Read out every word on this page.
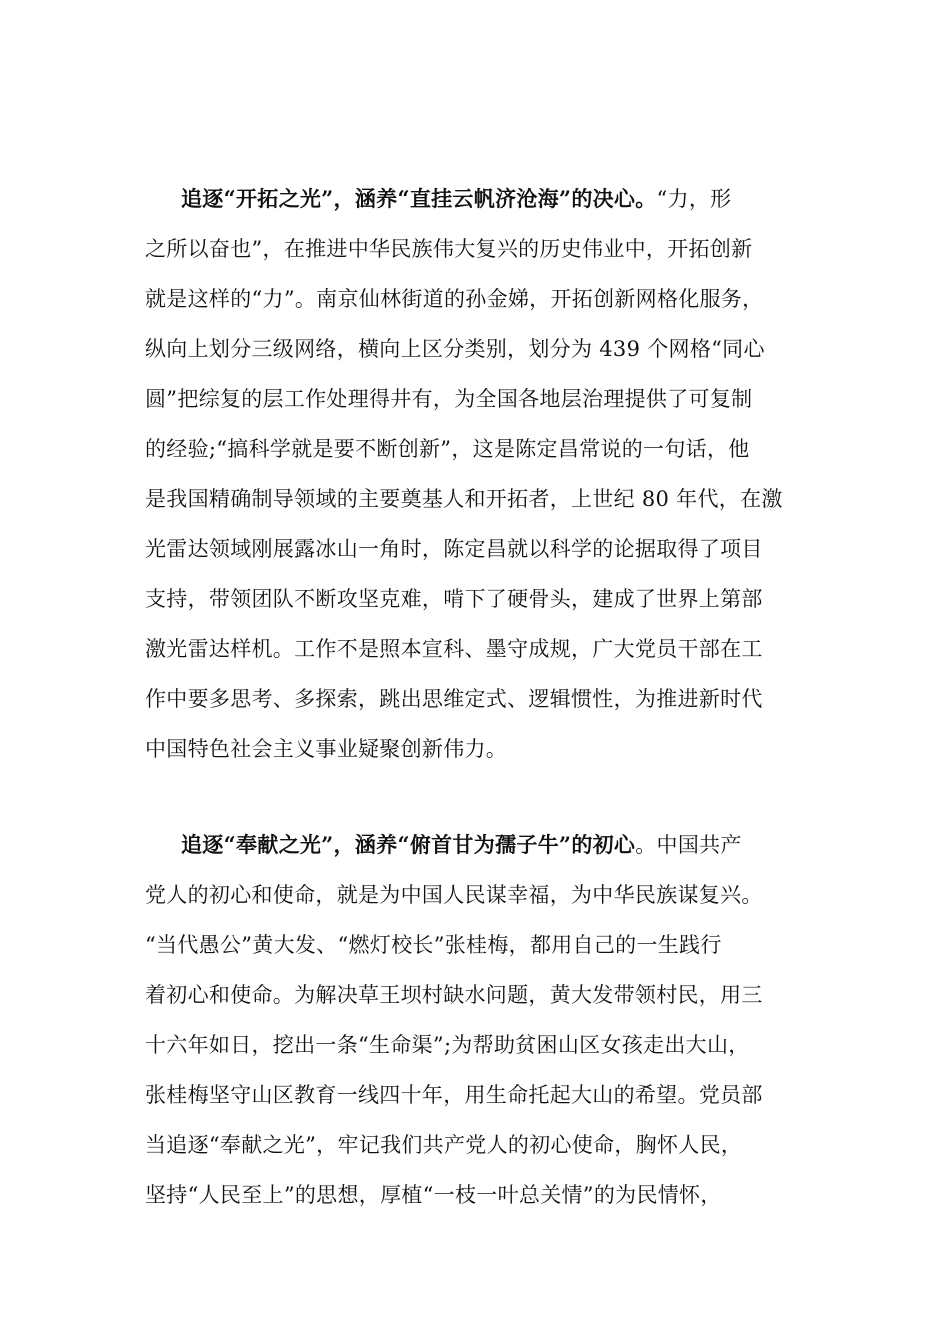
追逐“开拓之光”，涵养“直挂云帆济沧海”的决心。“力，形
之所以奋也”，在推进中华民族伟大复兴的历史伟业中，开拓创新
就是这样的“力”。南京仙林街道的孙金娣，开拓创新网格化服务，
纵向上划分三级网络，横向上区分类别，划分为 439 个网格“同心
圆”把综复的层工作处理得井有，为全国各地层治理提供了可复制
的经验;“搞科学就是要不断创新”，这是陈定昌常说的一句话，他
是我国精确制导领域的主要奠基人和开拓者，上世纪 80 年代，在激
光雷达领域刚展露冰山一角时，陈定昌就以科学的论据取得了项目
支持，带领团队不断攻坚克难，啃下了硬骨头，建成了世界上第部
激光雷达样机。工作不是照本宣科、墨守成规，广大党员干部在工
作中要多思考、多探索，跳出思维定式、逻辑惯性，为推进新时代
中国特色社会主义事业疑聚创新伟力。
追逐“奉献之光”，涵养“俯首甘为孺子牛”的初心。中国共产
党人的初心和使命，就是为中国人民谋幸福，为中华民族谋复兴。
“当代愚公”黄大发、“燃灯校长”张桂梅，都用自己的一生践行
着初心和使命。为解决草王坝村缺水问题，黄大发带领村民，用三
十六年如日，挖出一条“生命渠”;为帮助贫困山区女孩走出大山，
张桂梅坚守山区教育一线四十年，用生命托起大山的希望。党员部
当追逐“奉献之光”，牢记我们共产党人的初心使命，胸怀人民，
坚持“人民至上”的思想，厚植“一枝一叶总关情”的为民情怀，
